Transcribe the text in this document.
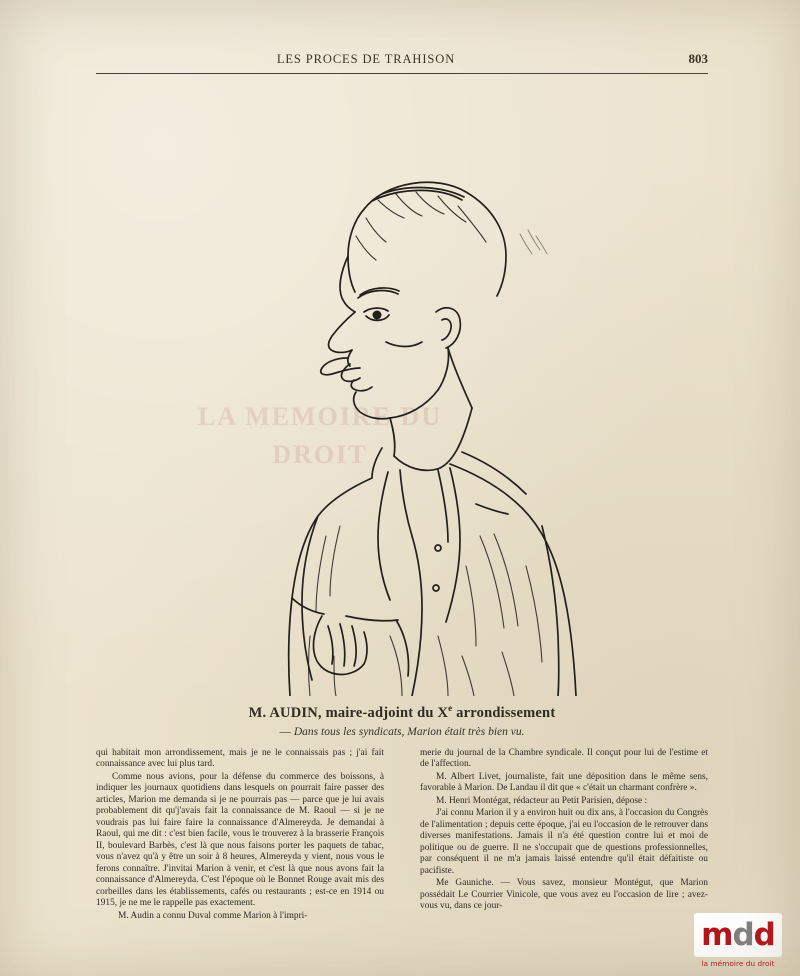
LES PROCES DE TRAHISON	803
LA MEMOIRE DU DROIT
M. AUDIN, maire-adjoint du Xe arrondissement
— Dans tous les syndicats, Marion était très bien vu.

qui habitait mon arrondissement, mais je ne le connaissais pas ; j'ai fait connaissance avec lui plus tard.

Comme nous avions, pour la défense du commerce des boissons, à indiquer les journaux quotidiens dans lesquels on pourrait faire passer des articles, Marion me demanda si je ne pourrais pas — parce que je lui avais probablement dit qu'j'avais fait la connaissance de M. Raoul — si je ne voudrais pas lui faire faire la connaissance d'Almereyda. Je demandai à Raoul, qui me dit : c'est bien facile, vous le trouverez à la brasserie François II, boulevard Barbès, c'est là que nous faisons porter les paquets de tabac, vous n'avez qu'à y être un soir à 8 heures, Almereyda y vient, nous vous le ferons connaître. J'invitai Marion à venir, et c'est là que nous avons fait la connaissance d'Almereyda. C'est l'époque où le Bonnet Rouge avait mis des corbeilles dans les établissements, cafés ou restaurants ; est-ce en 1914 ou 1915, je ne me le rappelle pas exactement.

M. Audin a connu Duval comme Marion à l'impri-

merie du journal de la Chambre syndicale. Il conçut pour lui de l'estime et de l'affection.

M. Albert Livet, journaliste, fait une déposition dans le même sens, favorable à Marion. De Landau il dit que « c'était un charmant confrère ».

M. Henri Montégat, rédacteur au Petit Parisien, dépose :

J'ai connu Marion il y a environ huit ou dix ans, à l'occasion du Congrès de l'alimentation ; depuis cette époque, j'ai eu l'occasion de le retrouver dans diverses manifestations. Jamais il n'a été question contre lui et moi de politique ou de guerre. Il ne s'occupait que de questions professionnelles, par conséquent il ne m'a jamais laissé entendre qu'il était défaitiste ou pacifiste.

Me Gauniche. — Vous savez, monsieur Montégut, que Marion possédait Le Courrier Vinicole, que vous avez eu l'occasion de lire ; avez-vous vu, dans ce jour-

mdd
la mémoire du droit
